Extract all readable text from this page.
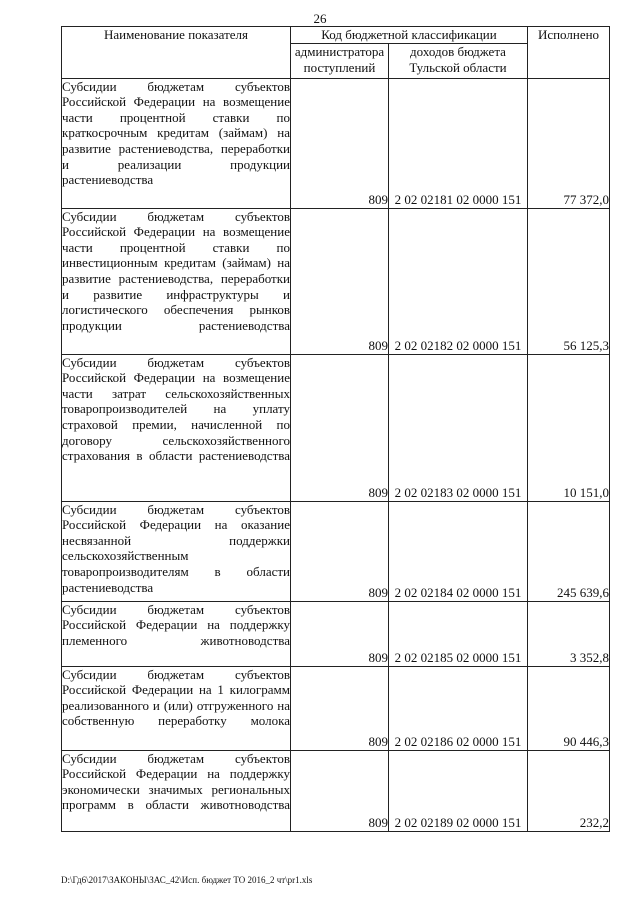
26
Наименование показателя	Код бюджетной классификации		Исполнено
	администратора поступлений	доходов бюджета Тульской области	
Субсидии бюджетам субъектов Российской Федерации на возмещение части процентной ставки по краткосрочным кредитам (займам) на развитие растениеводства, переработки и реализации продукции растениеводства	809	2 02 02181 02 0000 151	77 372,0
Субсидии бюджетам субъектов Российской Федерации на возмещение части процентной ставки по инвестиционным кредитам (займам) на развитие растениеводства, переработки и развитие инфраструктуры и логистического обеспечения рынков продукции растениеводства	809	2 02 02182 02 0000 151	56 125,3
Субсидии бюджетам субъектов Российской Федерации на возмещение части затрат сельскохозяйственных товаропроизводителей на уплату страховой премии, начисленной по договору сельскохозяйственного страхования в области растениеводства	809	2 02 02183 02 0000 151	10 151,0
Субсидии бюджетам субъектов Российской Федерации на оказание несвязанной поддержки сельскохозяйственным товаропроизводителям в области растениеводства	809	2 02 02184 02 0000 151	245 639,6
Субсидии бюджетам субъектов Российской Федерации на поддержку племенного животноводства	809	2 02 02185 02 0000 151	3 352,8
Субсидии бюджетам субъектов Российской Федерации на 1 килограмм реализованного и (или) отгруженного на собственную переработку молока	809	2 02 02186 02 0000 151	90 446,3
Субсидии бюджетам субъектов Российской Федерации на поддержку экономически значимых региональных программ в области животноводства	809	2 02 02189 02 0000 151	232,2
D:\Гд6\2017\ЗАКОНЫ\ЗАС_42\Исп. бюджет ТО 2016_2 чт\pr1.xls
